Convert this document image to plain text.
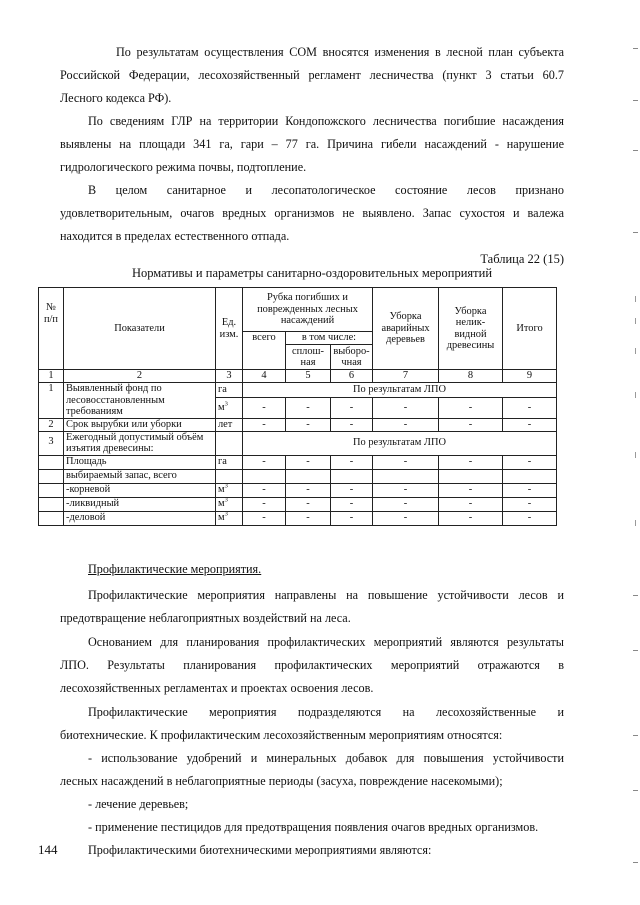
По результатам осуществления СОМ вносятся изменения в лесной план субъекта

Российской Федерации, лесохозяйственный регламент лесничества (пункт 3 статьи 60.7

Лесного кодекса РФ).

По сведениям ГЛР на территории Кондопожского лесничества погибшие насаждения

выявлены на площади 341 га, гари – 77 га. Причина гибели насаждений - нарушение

гидрологического режима почвы, подтопление.

В целом санитарное и лесопатологическое состояние лесов признано

удовлетворительным, очагов вредных организмов не выявлено. Запас сухостоя и валежа

находится в пределах естественного отпада.

Таблица 22 (15)
Нормативы и параметры санитарно-оздоровительных мероприятий
№ п/п	Показатели	Ед. изм.	Рубка погибших и поврежденных лесных насаждений			Уборка аварийных деревьев	Уборка нелик-видной древесины	Итого
			всего	в том числе:				
				сплош-ная	выборо-чная			
1	2	3	4	5	6	7	8	9
1	Выявленный фонд по лесовосстановленным требованиям	га	По результатам ЛПО					
		$м^3$	-	-	-	-	-	-
2	Срок вырубки или уборки	лет	-	-	-	-	-	-
3	Ежегодный допустимый объём изъятия древесины:		По результатам ЛПО					
	Площадь	га	-	-	-	-	-	-
	выбираемый запас, всего							
	-корневой	$м^3$	-	-	-	-	-	-
	-ликвидный	$м^3$	-	-	-	-	-	-
	-деловой	$м^3$	-	-	-	-	-	-

Профилактические мероприятия.

Профилактические мероприятия направлены на повышение устойчивости лесов и

предотвращение неблагоприятных воздействий на леса.

Основанием для планирования профилактических мероприятий являются результаты

ЛПО. Результаты планирования профилактических мероприятий отражаются в

лесохозяйственных регламентах и проектах освоения лесов.

Профилактические мероприятия подразделяются на лесохозяйственные и

биотехнические. К профилактическим лесохозяйственным мероприятиям относятся:

- использование удобрений и минеральных добавок для повышения устойчивости

лесных насаждений в неблагоприятные периоды (засуха, повреждение насекомыми);

- лечение деревьев;

- применение пестицидов для предотвращения появления очагов вредных организмов.

Профилактическими биотехническими мероприятиями являются:

144
